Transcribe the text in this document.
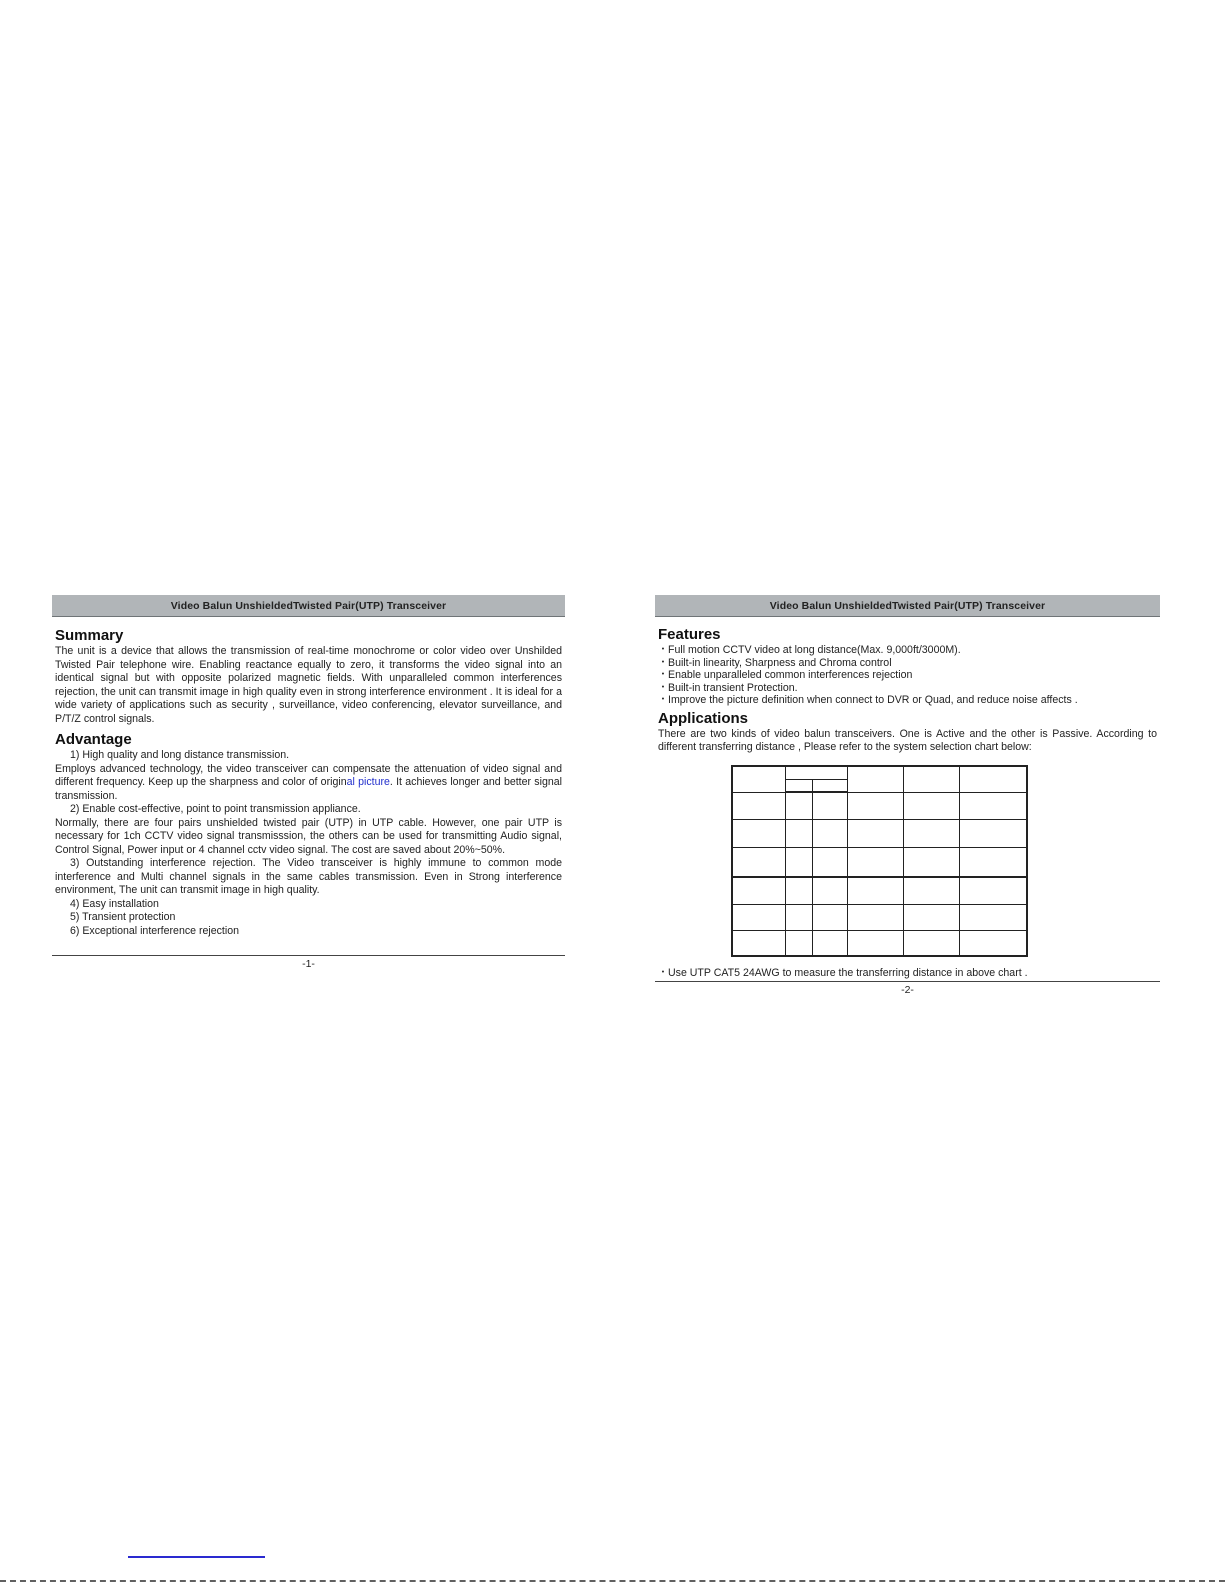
Video Balun UnshieldedTwisted Pair(UTP) Transceiver
Summary
The unit is a device that allows the transmission of real-time monochrome or color video over Unshilded Twisted Pair telephone wire. Enabling reactance equally to zero, it transforms the video signal into an identical signal but with opposite polarized magnetic fields. With unparalleled common interferences rejection, the unit can transmit image in high quality even in strong interference environment . It is ideal for a wide variety of applications such as security , surveillance, video conferencing, elevator surveillance, and P/T/Z control signals.
Advantage
1) High quality and long distance transmission.
Employs advanced technology, the video transceiver can compensate the attenuation of video signal and different frequency. Keep up the sharpness and color of original picture. It achieves longer and better signal transmission.
2) Enable cost-effective, point to point transmission appliance.
Normally, there are four pairs unshielded twisted pair (UTP) in UTP cable. However, one pair UTP is necessary for 1ch CCTV video signal transmisssion, the others can be used for transmitting Audio signal, Control Signal, Power input or 4 channel cctv video signal. The cost are saved about 20%~50%.
3) Outstanding interference rejection. The Video transceiver is highly immune to common mode interference and Multi channel signals in the same cables transmission. Even in Strong interference environment, The unit can transmit image in high quality.
4) Easy installation
5) Transient protection
6) Exceptional interference rejection
-1-
Video Balun UnshieldedTwisted Pair(UTP) Transceiver
Features
• Full motion CCTV video at long distance(Max. 9,000ft/3000M).
• Built-in linearity, Sharpness and Chroma control
• Enable unparalleled common interferences rejection
• Built-in transient Protection.
• Improve the picture definition when connect to DVR or Quad, and reduce noise affects .
Applications
There are two kinds of video balun transceivers. One is Active and the other is Passive. According to different transferring distance , Please refer to the system selection chart below:

• Use UTP CAT5 24AWG to measure the transferring distance in above chart .
-2-
